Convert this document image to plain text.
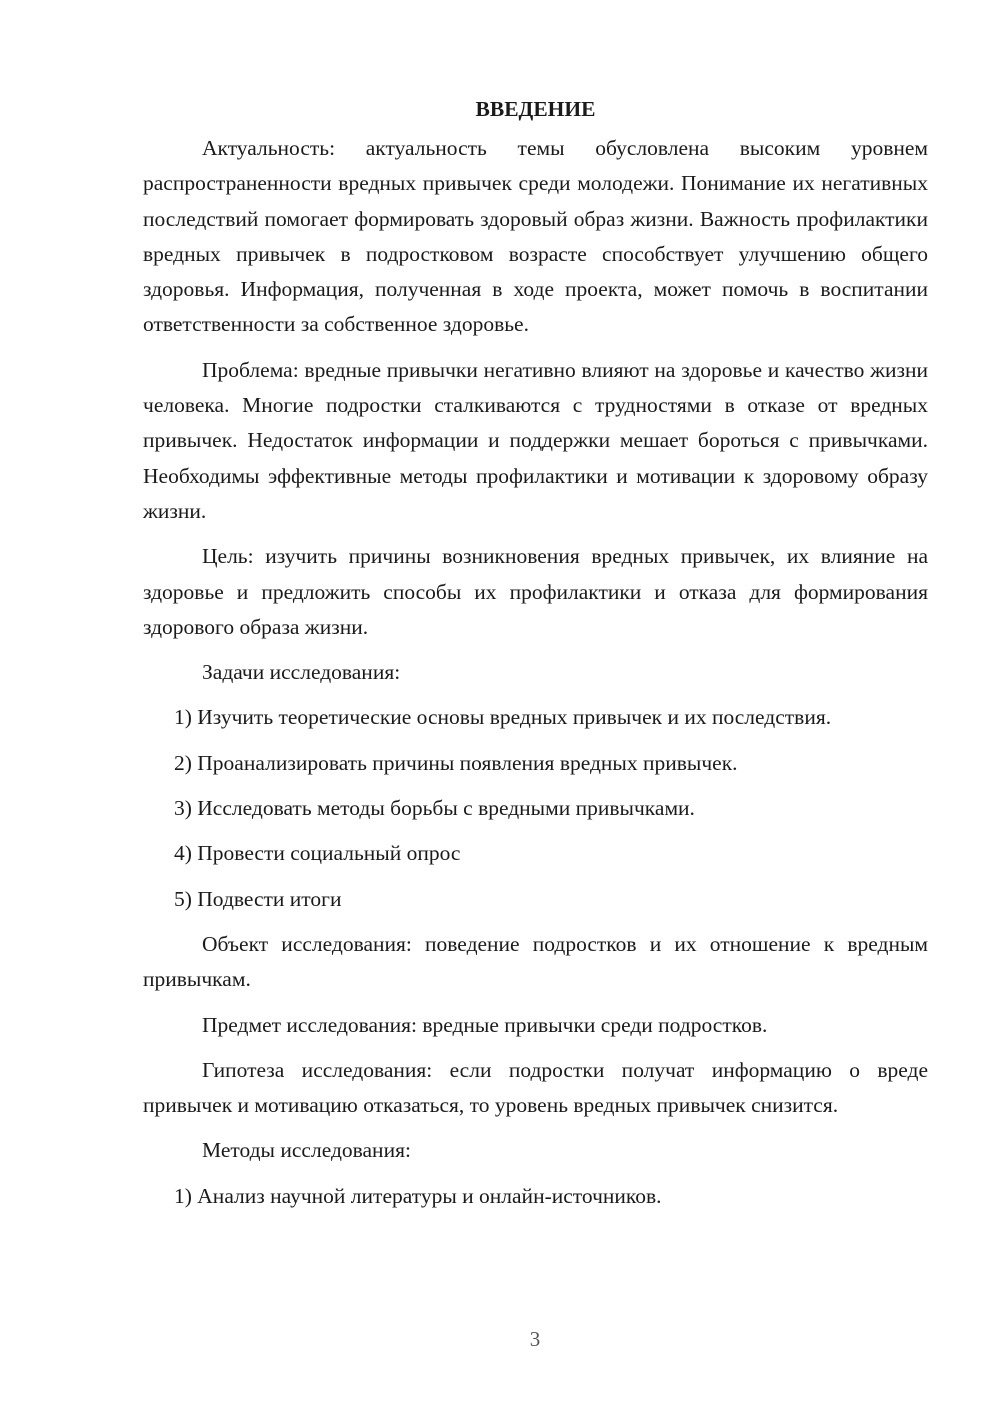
ВВЕДЕНИЕ

Актуальность: актуальность темы обусловлена высоким уровнем распространенности вредных привычек среди молодежи. Понимание их негативных последствий помогает формировать здоровый образ жизни. Важность профилактики вредных привычек в подростковом возрасте способствует улучшению общего здоровья. Информация, полученная в ходе проекта, может помочь в воспитании ответственности за собственное здоровье.

Проблема: вредные привычки негативно влияют на здоровье и качество жизни человека. Многие подростки сталкиваются с трудностями в отказе от вредных привычек. Недостаток информации и поддержки мешает бороться с привычками. Необходимы эффективные методы профилактики и мотивации к здоровому образу жизни.

Цель: изучить причины возникновения вредных привычек, их влияние на здоровье и предложить способы их профилактики и отказа для формирования здорового образа жизни.

Задачи исследования:
1) Изучить теоретические основы вредных привычек и их последствия.
2) Проанализировать причины появления вредных привычек.
3) Исследовать методы борьбы с вредными привычками.
4) Провести социальный опрос
5) Подвести итоги

Объект исследования: поведение подростков и их отношение к вредным привычкам.

Предмет исследования: вредные привычки среди подростков.

Гипотеза исследования: если подростки получат информацию о вреде привычек и мотивацию отказаться, то уровень вредных привычек снизится.

Методы исследования:
1) Анализ научной литературы и онлайн-источников.
3
